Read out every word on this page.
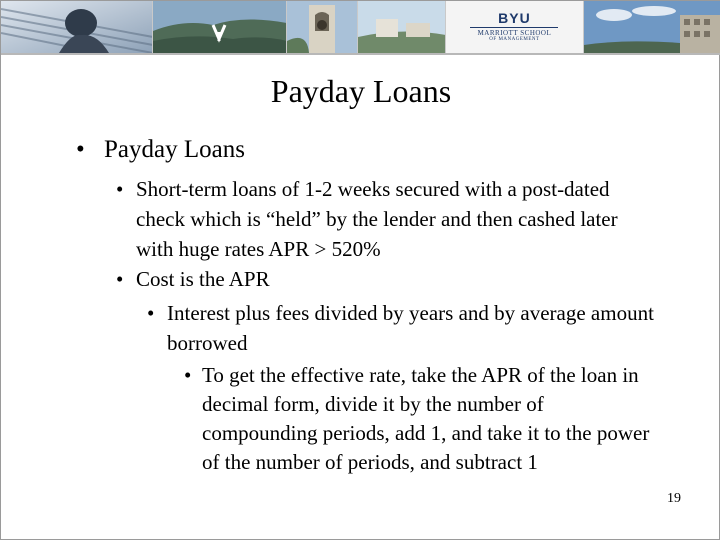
BYU
MARRIOTT SCHOOL
OF MANAGEMENT
Payday Loans
• Payday Loans
• Short-term loans of 1-2 weeks secured with a post-dated check which is “held” by the lender and then cashed later with huge rates APR > 520%
• Cost is the APR
• Interest plus fees divided by years and by average amount borrowed
• To get the effective rate, take the APR of the loan in decimal form, divide it by the number of compounding periods, add 1, and take it to the power of the number of periods, and subtract 1
19
